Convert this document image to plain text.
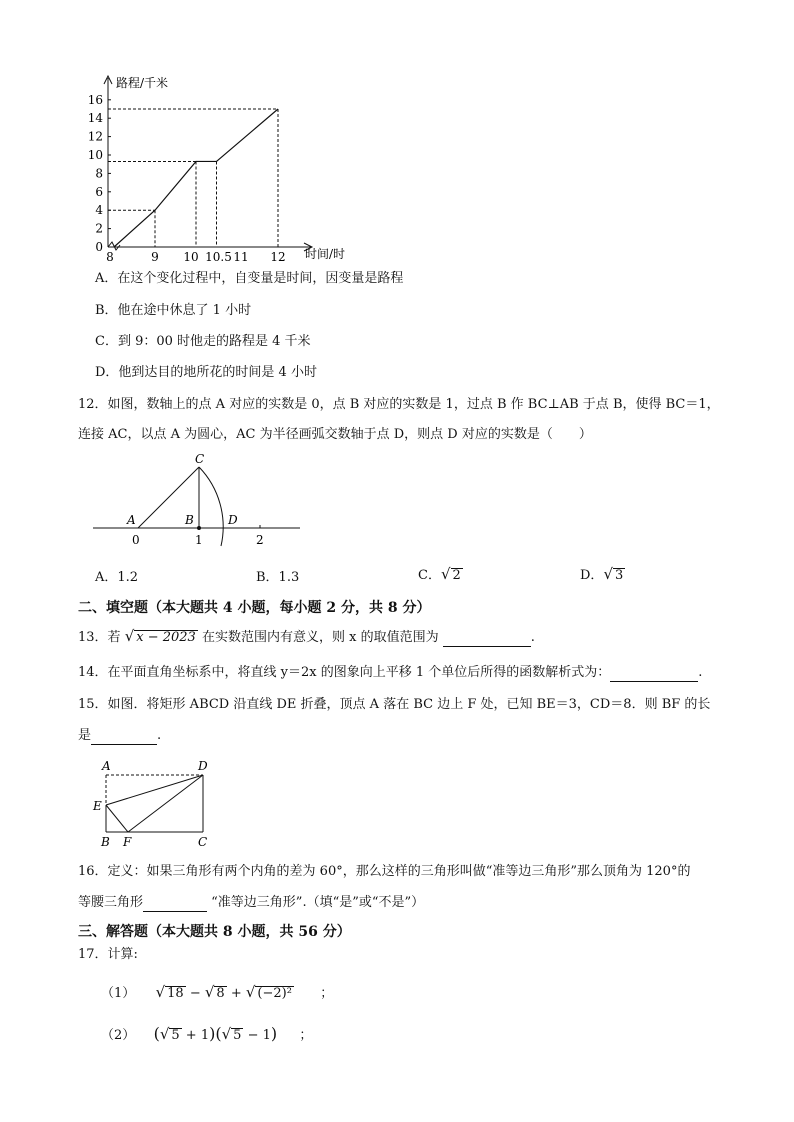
0
2
4
6
8
10
12
14
16
8	9 10 10.5 11 12
路程/千米
时间/时
A．在这个变化过程中，自变量是时间，因变量是路程
B．他在途中休息了 1 小时
C．到 9：00 时他走的路程是 4 千米
D．他到达目的地所花的时间是 4 小时
12．如图，数轴上的点 A 对应的实数是 0，点 B 对应的实数是 1，过点 B 作 BC⊥AB 于点 B，使得 BC＝1，
连接 AC，以点 A 为圆心，AC 为半径画弧交数轴于点 D，则点 D 对应的实数是（　　）
C
A	B	D
0	1	2
A．1.2	B．1.3	C．√ 2	D．√ 3
二、填空题（本大题共 4 小题，每小题 2 分，共 8 分）
13．若 √ x − 2023 在实数范围内有意义，则 x 的取值范围为	.
14．在平面直角坐标系中，将直线 y＝2x 的图象向上平移 1 个单位后所得的函数解析式为：	.
15．如图．将矩形 ABCD 沿直线 DE 折叠，顶点 A 落在 BC 边上 F 处，已知 BE＝3，CD＝8．则 BF 的长
是	.
A	D
E
B F	C
16．定义：如果三角形有两个内角的差为 60°，那么这样的三角形叫做“准等边三角形”那么顶角为 120°的
等腰三角形	“准等边三角形”.（填“是”或“不是”）
三、解答题（本大题共 8 小题，共 56 分）
17．计算:
（1） √ 18 − √ 8 + √ (−2)² ；
（2） (√ 5 + 1)(√ 5 − 1) ；
